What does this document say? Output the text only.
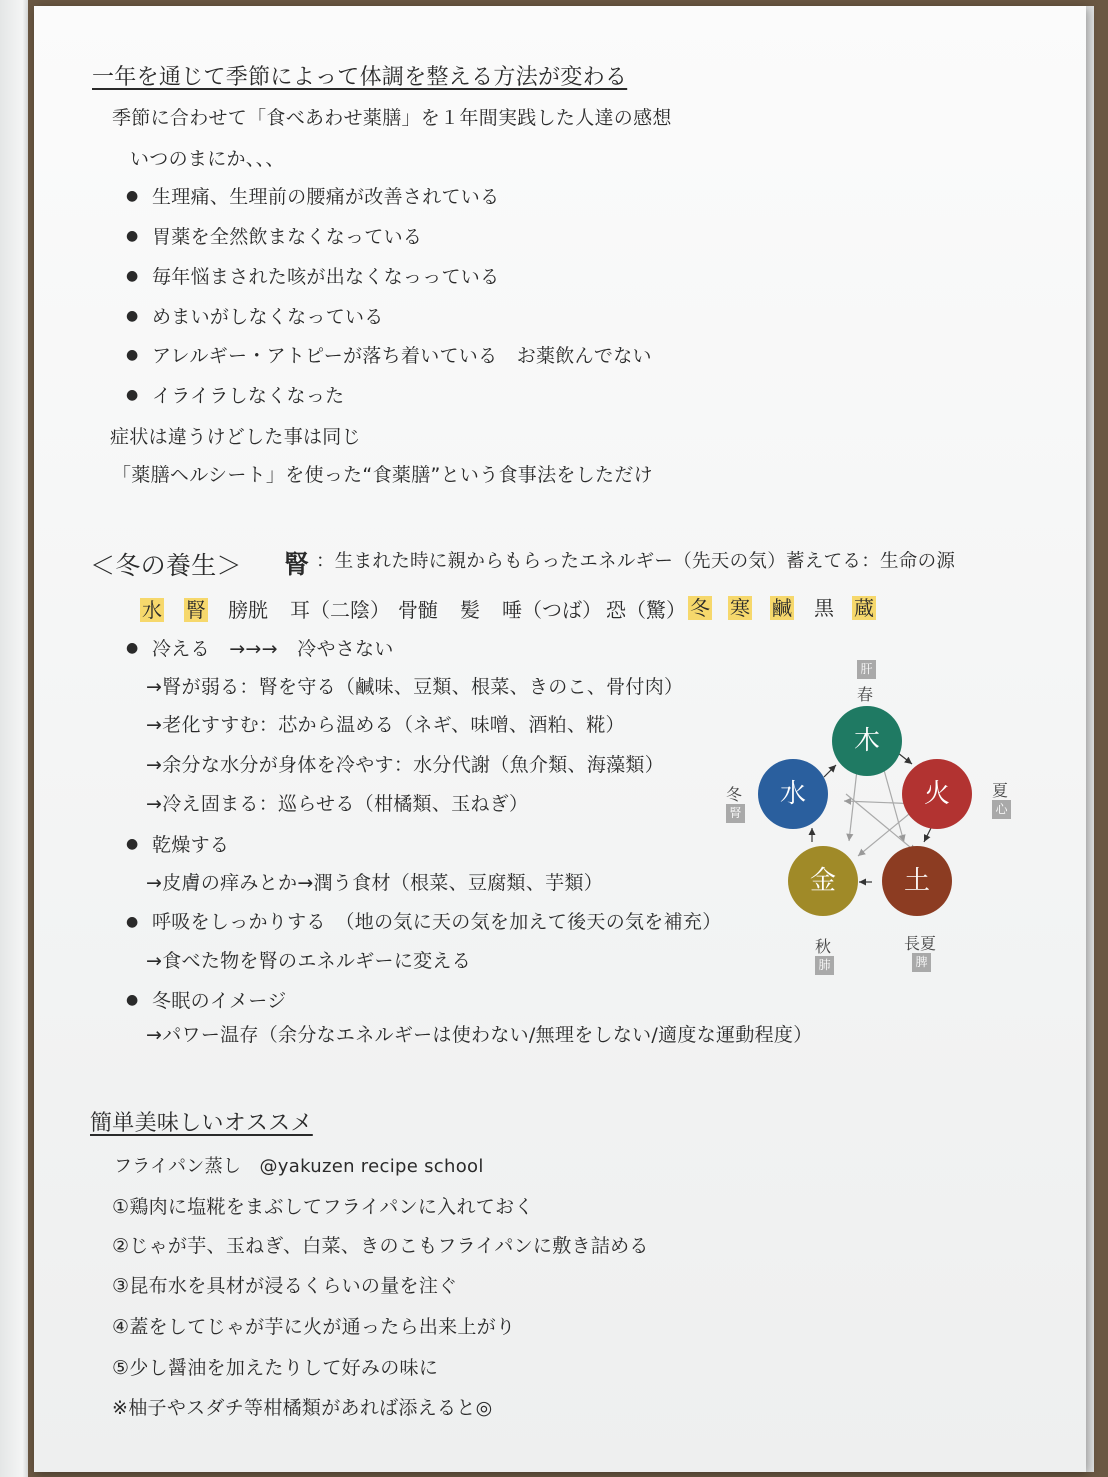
一年を通じて季節によって体調を整える方法が変わる
季節に合わせて「食べあわせ薬膳」を１年間実践した人達の感想
いつのまにか、、、
● 生理痛、生理前の腰痛が改善されている
● 胃薬を全然飲まなくなっている
● 毎年悩まされた咳が出なくなっっている
● めまいがしなくなっている
● アレルギー・アトピーが落ち着いている　お薬飲んでない
● イライラしなくなった
症状は違うけどした事は同じ
「薬膳ヘルシート」を使った“食薬膳”という食事法をしただけ
＜冬の養生＞ 腎 ：生まれた時に親からもらったエネルギー（先天の気）蓄えてる：生命の源
水 腎 膀胱 耳（二陰） 骨髄 髪 唾（つば） 恐（驚） 冬 寒 鹹 黒 蔵
● 冷える　→→→　冷やさない
→腎が弱る：腎を守る（鹹味、豆類、根菜、きのこ、骨付肉）
→老化すすむ：芯から温める（ネギ、味噌、酒粕、糀）
→余分な水分が身体を冷やす：水分代謝（魚介類、海藻類）
→冷え固まる：巡らせる（柑橘類、玉ねぎ）
● 乾燥する
→皮膚の痒みとか→潤う食材（根菜、豆腐類、芋類）
● 呼吸をしっかりする　（地の気に天の気を加えて後天の気を補充）
→食べた物を腎のエネルギーに変える
● 冬眠のイメージ
→パワー温存（余分なエネルギーは使わない/無理をしない/適度な運動程度）
木
火
土
金
水
肝
春
夏
心
長夏
脾
秋
肺
冬
腎
簡単美味しいオススメ
フライパン蒸し　@yakuzen recipe school
①鶏肉に塩糀をまぶしてフライパンに入れておく
②じゃが芋、玉ねぎ、白菜、きのこもフライパンに敷き詰める
③昆布水を具材が浸るくらいの量を注ぐ
④蓋をしてじゃが芋に火が通ったら出来上がり
⑤少し醤油を加えたりして好みの味に
※柚子やスダチ等柑橘類があれば添えると◎
